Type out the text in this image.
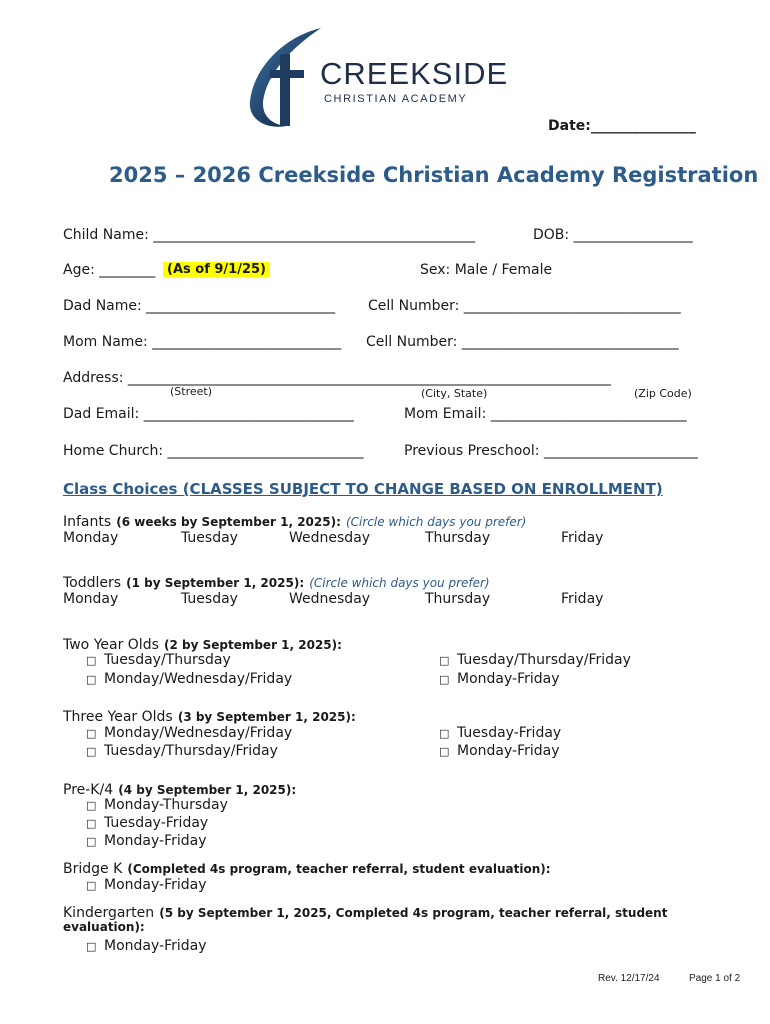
CREEKSIDE
CHRISTIAN ACADEMY
Date:_______________
2025 – 2026 Creekside Christian Academy Registration
Child Name: ______________________________________________	DOB: _________________
Age: ________ (As of 9/1/25)	Sex: Male / Female
Dad Name: ___________________________ Cell Number: _______________________________
Mom Name: ___________________________ Cell Number: _______________________________
Address: _____________________________________________________________________
(Street)	(City, State)	(Zip Code)
Dad Email: ______________________________	Mom Email: ____________________________
Home Church: ____________________________	Previous Preschool: ______________________
Class Choices (CLASSES SUBJECT TO CHANGE BASED ON ENROLLMENT)
Infants (6 weeks by September 1, 2025): (Circle which days you prefer)
Monday	Tuesday	Wednesday	Thursday	Friday
Toddlers (1 by September 1, 2025): (Circle which days you prefer)
Monday	Tuesday	Wednesday	Thursday	Friday
Two Year Olds (2 by September 1, 2025):
□ Tuesday/Thursday
□ Monday/Wednesday/Friday
□ Tuesday/Thursday/Friday
□ Monday-Friday
Three Year Olds (3 by September 1, 2025):
□ Monday/Wednesday/Friday
□ Tuesday/Thursday/Friday
□ Tuesday-Friday
□ Monday-Friday
Pre-K/4 (4 by September 1, 2025):
□ Monday-Thursday
□ Tuesday-Friday
□ Monday-Friday
Bridge K (Completed 4s program, teacher referral, student evaluation):
□ Monday-Friday
Kindergarten (5 by September 1, 2025, Completed 4s program, teacher referral, student
evaluation):
□ Monday-Friday
Rev. 12/17/24	Page 1 of 2
